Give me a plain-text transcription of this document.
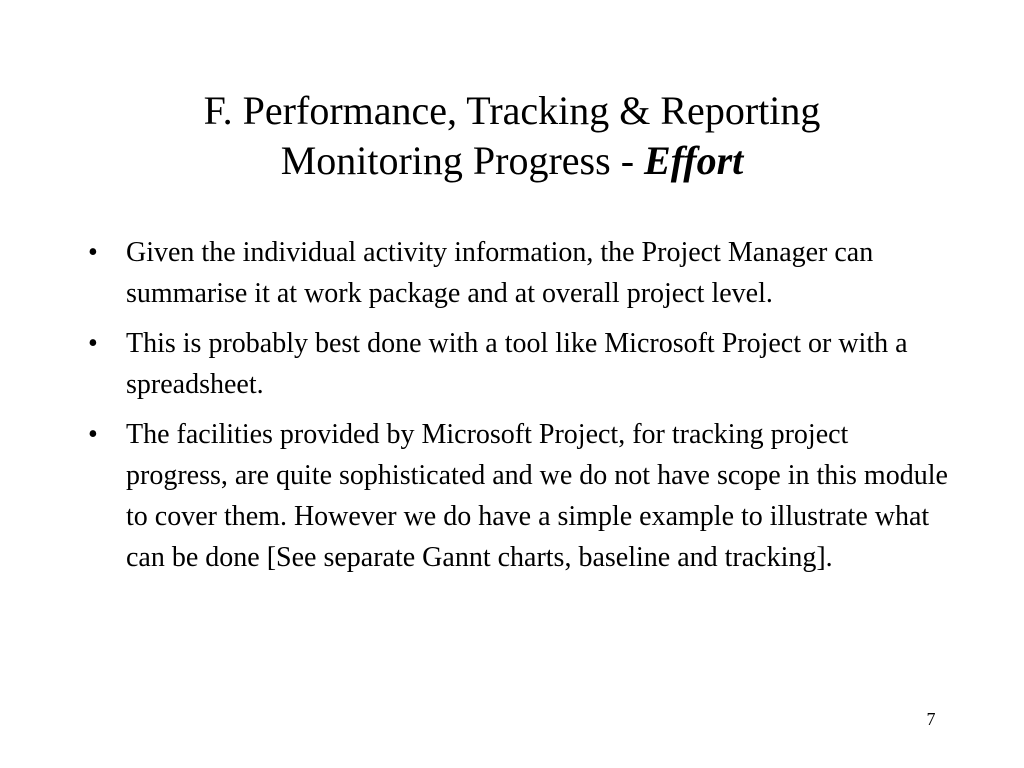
F. Performance, Tracking & Reporting
Monitoring Progress - Effort
•	Given the individual activity information, the Project Manager can summarise it at work package and at overall project level.
•	This is probably best done with a tool like Microsoft Project or with a spreadsheet.
•	The facilities provided by Microsoft Project, for tracking project progress, are quite sophisticated and we do not have scope in this module to cover them. However we do have a simple example to illustrate what can be done [See separate Gannt charts, baseline and tracking].
7
